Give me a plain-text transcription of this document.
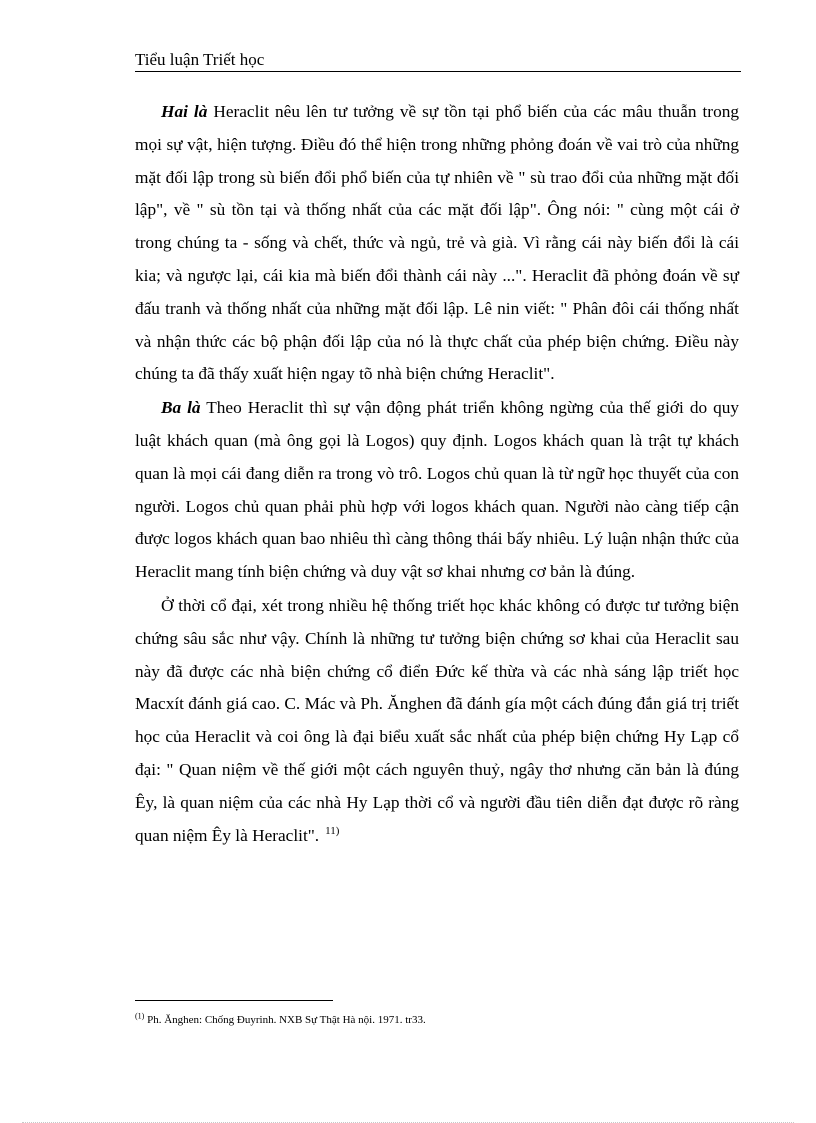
Tiểu luận Triết học

Hai là Heraclit nêu lên tư tưởng về sự tồn tại phổ biến của các mâu thuẫn trong mọi sự vật, hiện tượng. Điều đó thể hiện trong những phỏng đoán về vai trò của những mặt đối lập trong sù biến đổi phổ biến của tự nhiên về " sù trao đổi của những mặt đối lập", về " sù tồn tại và thống nhất của các mặt đối lập". Ông nói: " cùng một cái ở trong chúng ta - sống và chết, thức và ngủ, trẻ và già. Vì rằng cái này biến đổi là cái kia; và ngược lại, cái kia mà biến đổi thành cái này ...". Heraclit đã phỏng đoán về sự đấu tranh và thống nhất của những mặt đối lập. Lê nin viết: " Phân đôi cái thống nhất và nhận thức các bộ phận đối lập của nó là thực chất của phép biện chứng. Điều này chúng ta đã thấy xuất hiện ngay tõ nhà biện chứng Heraclit".

Ba là Theo Heraclit thì sự vận động phát triển không ngừng của thế giới do quy luật khách quan (mà ông gọi là Logos) quy định. Logos khách quan là trật tự khách quan là mọi cái đang diễn ra trong vò trô. Logos chủ quan là từ ngữ học thuyết của con người. Logos chủ quan phải phù hợp với logos khách quan. Người nào càng tiếp cận được logos khách quan bao nhiêu thì càng thông thái bấy nhiêu. Lý luận nhận thức của Heraclit mang tính biện chứng và duy vật sơ khai nhưng cơ bản là đúng.

Ở thời cổ đại, xét trong nhiều hệ thống triết học khác không có được tư tưởng biện chứng sâu sắc như vậy. Chính là những tư tưởng biện chứng sơ khai của Heraclit sau này đã được các nhà biện chứng cổ điển Đức kế thừa và các nhà sáng lập triết học Macxít đánh giá cao. C. Mác và Ph. Ănghen đã đánh gía một cách đúng đắn giá trị triết học của Heraclit và coi ông là đại biểu xuất sắc nhất của phép biện chứng Hy Lạp cổ đại: " Quan niệm về thế giới một cách nguyên thuỷ, ngây thơ nhưng căn bản là đúng Êy, là quan niệm của các nhà Hy Lạp thời cổ và người đầu tiên diễn đạt được rõ ràng quan niệm Êy là Heraclit". $^{11)}$

$^{(1)}$ Ph. Ănghen: Chống Đuyrinh. NXB Sự Thật Hà nội. 1971. tr33.
